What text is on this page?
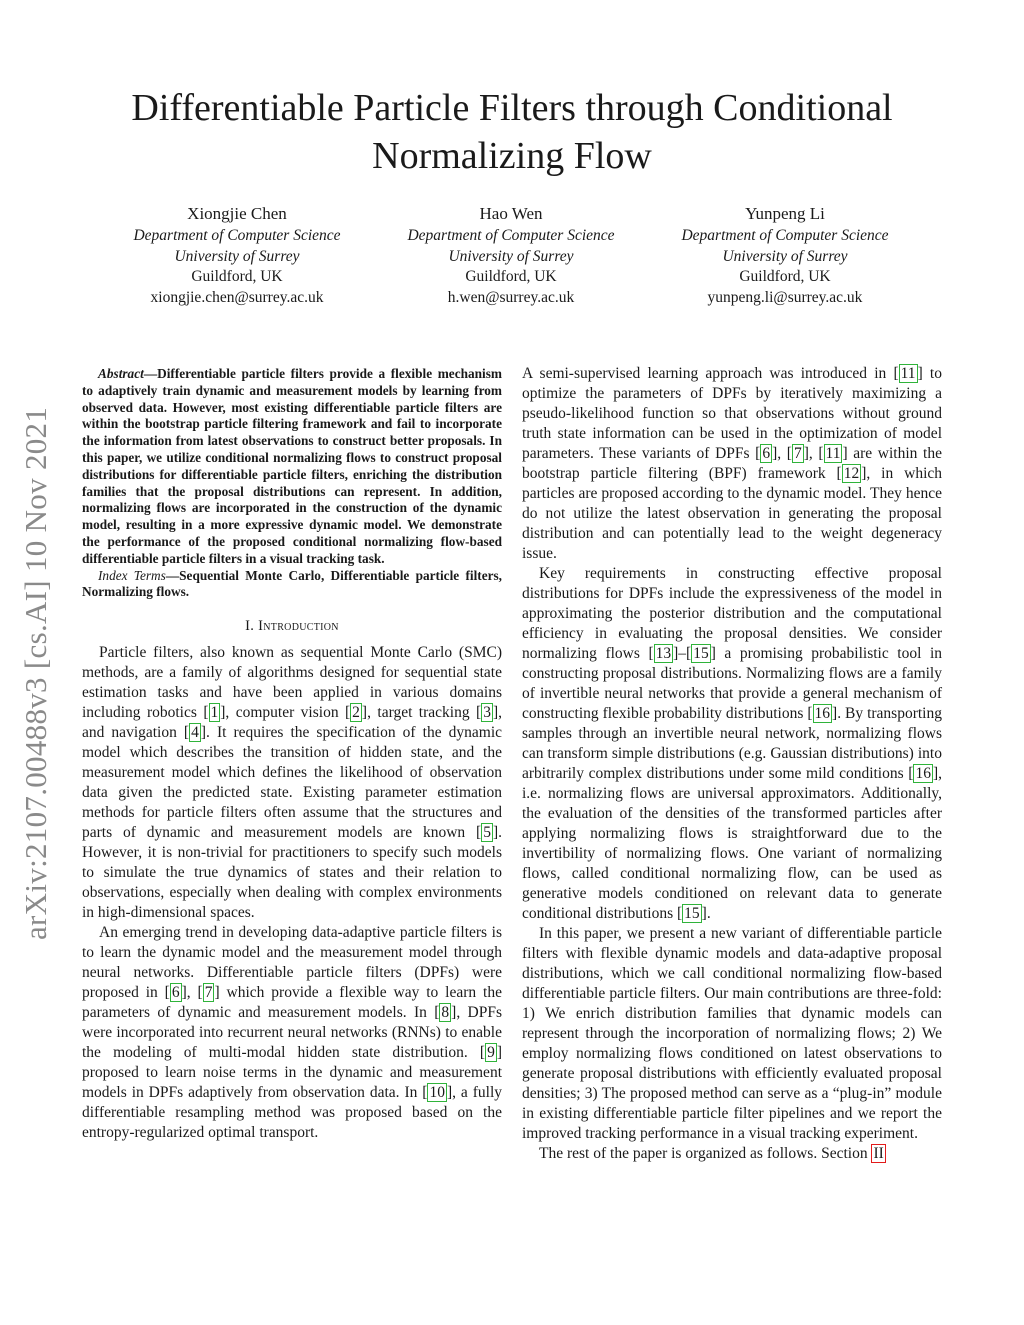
Differentiable Particle Filters through Conditional
Normalizing Flow
Xiongjie Chen
Department of Computer Science
University of Surrey
Guildford, UK
xiongjie.chen@surrey.ac.uk
Hao Wen
Department of Computer Science
University of Surrey
Guildford, UK
h.wen@surrey.ac.uk
Yunpeng Li
Department of Computer Science
University of Surrey
Guildford, UK
yunpeng.li@surrey.ac.uk
arXiv:2107.00488v3 [cs.AI] 10 Nov 2021

Abstract—Differentiable particle filters provide a flexible mechanism to adaptively train dynamic and measurement models by learning from observed data. However, most existing differentiable particle filters are within the bootstrap particle filtering framework and fail to incorporate the information from latest observations to construct better proposals. In this paper, we utilize conditional normalizing flows to construct proposal distributions for differentiable particle filters, enriching the distribution families that the proposal distributions can represent. In addition, normalizing flows are incorporated in the construction of the dynamic model, resulting in a more expressive dynamic model. We demonstrate the performance of the proposed conditional normalizing flow-based differentiable particle filters in a visual tracking task.

Index Terms—Sequential Monte Carlo, Differentiable particle filters, Normalizing flows.

I. Introduction

Particle filters, also known as sequential Monte Carlo (SMC) methods, are a family of algorithms designed for sequential state estimation tasks and have been applied in various domains including robotics [ 1 ], computer vision [ 2 ], target tracking [ 3 ], and navigation [ 4 ]. It requires the specification of the dynamic model which describes the transition of hidden state, and the measurement model which defines the likelihood of observation data given the predicted state. Existing parameter estimation methods for particle filters often assume that the structures and parts of dynamic and measurement models are known [ 5 ]. However, it is non-trivial for practitioners to specify such models to simulate the true dynamics of states and their relation to observations, especially when dealing with complex environments in high-dimensional spaces.

An emerging trend in developing data-adaptive particle filters is to learn the dynamic model and the measurement model through neural networks. Differentiable particle filters (DPFs) were proposed in [ 6 ], [ 7 ] which provide a flexible way to learn the parameters of dynamic and measurement models. In [ 8 ], DPFs were incorporated into recurrent neural networks (RNNs) to enable the modeling of multi-modal hidden state distribution. [ 9 ] proposed to learn noise terms in the dynamic and measurement models in DPFs adaptively from observation data. In [ 10 ], a fully differentiable resampling method was proposed based on the entropy-regularized optimal transport.

A semi-supervised learning approach was introduced in [ 11 ] to optimize the parameters of DPFs by iteratively maximizing a pseudo-likelihood function so that observations without ground truth state information can be used in the optimization of model parameters. These variants of DPFs [ 6 ], [ 7 ], [ 11 ] are within the bootstrap particle filtering (BPF) framework [ 12 ], in which particles are proposed according to the dynamic model. They hence do not utilize the latest observation in generating the proposal distribution and can potentially lead to the weight degeneracy issue.

Key requirements in constructing effective proposal distributions for DPFs include the expressiveness of the model in approximating the posterior distribution and the computational efficiency in evaluating the proposal densities. We consider normalizing flows [ 13 ]–[ 15 ] a promising probabilistic tool in constructing proposal distributions. Normalizing flows are a family of invertible neural networks that provide a general mechanism of constructing flexible probability distributions [ 16 ]. By transporting samples through an invertible neural network, normalizing flows can transform simple distributions (e.g. Gaussian distributions) into arbitrarily complex distributions under some mild conditions [ 16 ], i.e. normalizing flows are universal approximators. Additionally, the evaluation of the densities of the transformed particles after applying normalizing flows is straightforward due to the invertibility of normalizing flows. One variant of normalizing flows, called conditional normalizing flow, can be used as generative models conditioned on relevant data to generate conditional distributions [ 15 ].

In this paper, we present a new variant of differentiable particle filters with flexible dynamic models and data-adaptive proposal distributions, which we call conditional normalizing flow-based differentiable particle filters. Our main contributions are three-fold: 1) We enrich distribution families that dynamic models can represent through the incorporation of normalizing flows; 2) We employ normalizing flows conditioned on latest observations to generate proposal distributions with efficiently evaluated proposal densities; 3) The proposed method can serve as a “plug-in” module in existing differentiable particle filter pipelines and we report the improved tracking performance in a visual tracking experiment.

The rest of the paper is organized as follows. Section II
